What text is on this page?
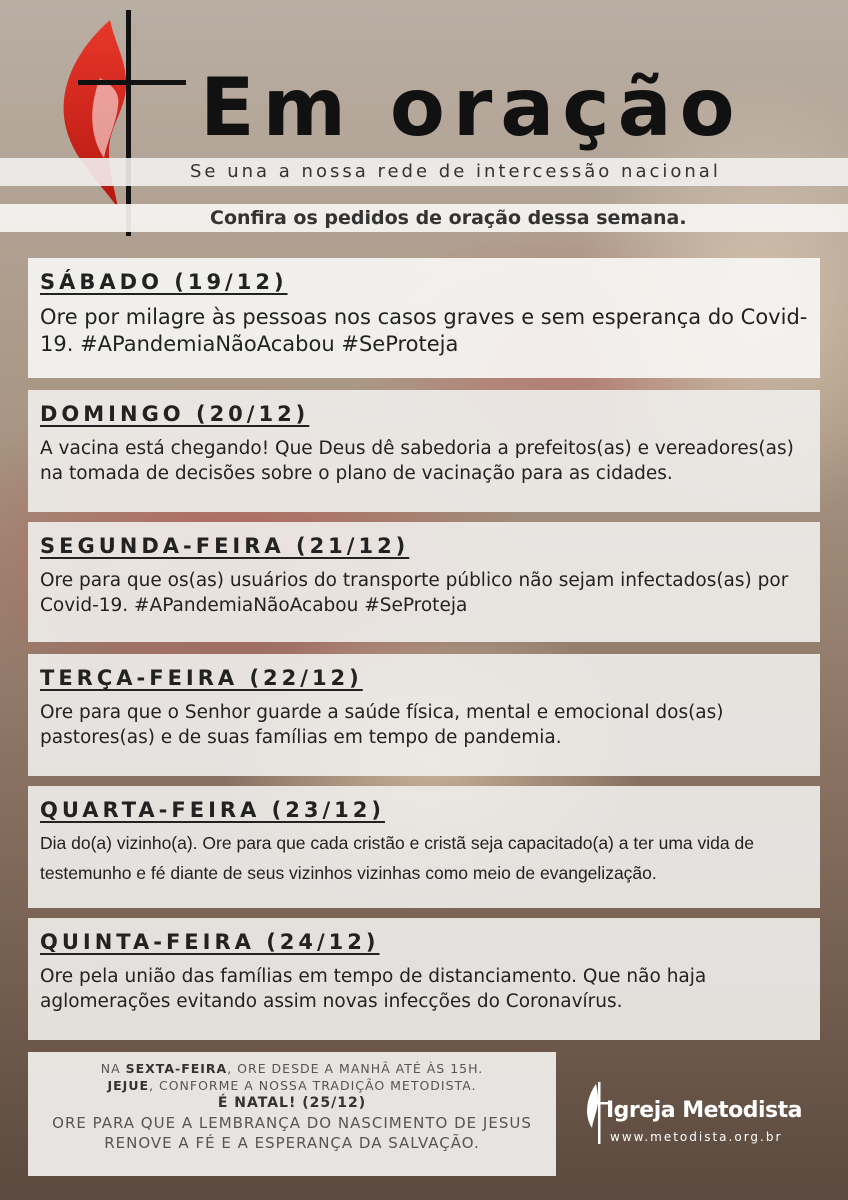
Em oração
Se una a nossa rede de intercessão nacional
Confira os pedidos de oração dessa semana.
SÁBADO (19/12)
Ore por milagre às pessoas nos casos graves e sem esperança do Covid-19. #APandemiaNãoAcabou #SeProteja
DOMINGO (20/12)
A vacina está chegando! Que Deus dê sabedoria a prefeitos(as) e vereadores(as) na tomada de decisões sobre o plano de vacinação para as cidades.
SEGUNDA-FEIRA (21/12)
Ore para que os(as) usuários do transporte público não sejam infectados(as) por Covid-19. #APandemiaNãoAcabou #SeProteja
TERÇA-FEIRA (22/12)
Ore para que o Senhor guarde a saúde física, mental e emocional dos(as) pastores(as) e de suas famílias em tempo de pandemia.
QUARTA-FEIRA (23/12)
Dia do(a) vizinho(a). Ore para que cada cristão e cristã seja capacitado(a) a ter uma vida de testemunho e fé diante de seus vizinhos vizinhas como meio de evangelização.
QUINTA-FEIRA (24/12)
Ore pela união das famílias em tempo de distanciamento. Que não haja aglomerações evitando assim novas infecções do Coronavírus.
NA SEXTA-FEIRA, ORE DESDE A MANHÃ ATÉ ÀS 15H.
JEJUE, CONFORME A NOSSA TRADIÇÃO METODISTA.
É NATAL! (25/12)
ORE PARA QUE A LEMBRANÇA DO NASCIMENTO DE JESUS RENOVE A FÉ E A ESPERANÇA DA SALVAÇÃO.
Igreja Metodista
www.metodista.org.br
